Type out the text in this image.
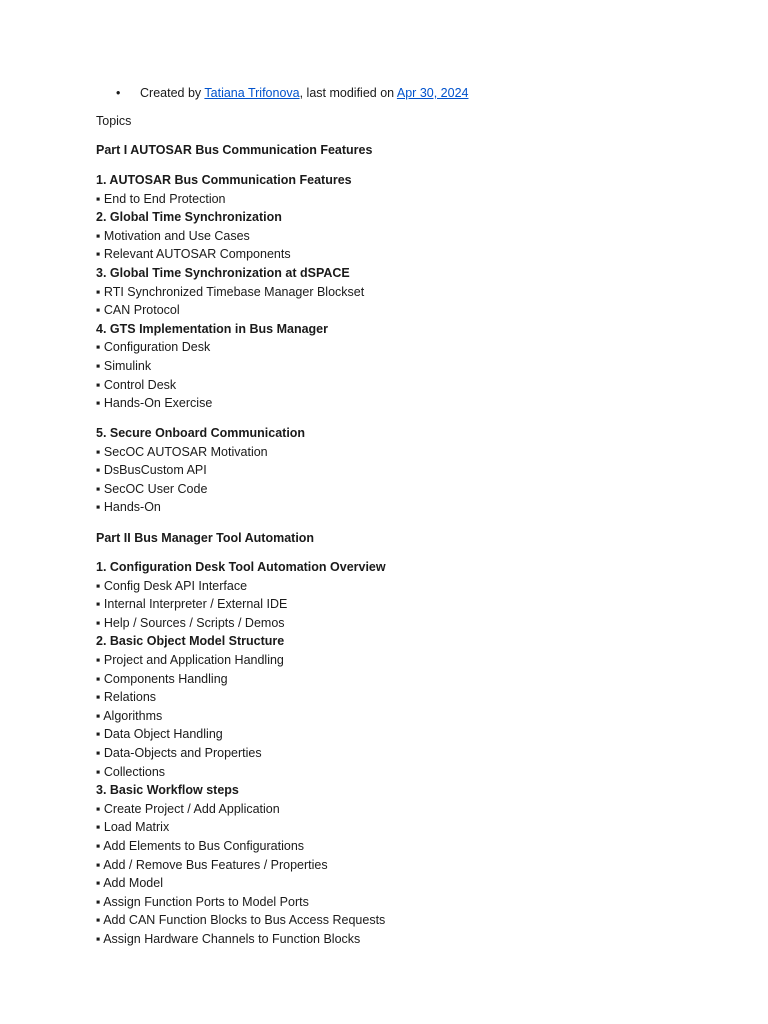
• Created by Tatiana Trifonova, last modified on Apr 30, 2024
Topics
Part I AUTOSAR Bus Communication Features
1. AUTOSAR Bus Communication Features
▪ End to End Protection
2. Global Time Synchronization
▪ Motivation and Use Cases
▪ Relevant AUTOSAR Components
3. Global Time Synchronization at dSPACE
▪ RTI Synchronized Timebase Manager Blockset
▪ CAN Protocol
4. GTS Implementation in Bus Manager
▪ Configuration Desk
▪ Simulink
▪ Control Desk
▪ Hands-On Exercise
5. Secure Onboard Communication
▪ SecOC AUTOSAR Motivation
▪ DsBusCustom API
▪ SecOC User Code
▪ Hands-On
Part II Bus Manager Tool Automation
1. Configuration Desk Tool Automation Overview
▪ Config Desk API Interface
▪ Internal Interpreter / External IDE
▪ Help / Sources / Scripts / Demos
2. Basic Object Model Structure
▪ Project and Application Handling
▪ Components Handling
▪ Relations
▪ Algorithms
▪ Data Object Handling
▪ Data-Objects and Properties
▪ Collections
3. Basic Workflow steps
▪ Create Project / Add Application
▪ Load Matrix
▪ Add Elements to Bus Configurations
▪ Add / Remove Bus Features / Properties
▪ Add Model
▪ Assign Function Ports to Model Ports
▪ Add CAN Function Blocks to Bus Access Requests
▪ Assign Hardware Channels to Function Blocks
